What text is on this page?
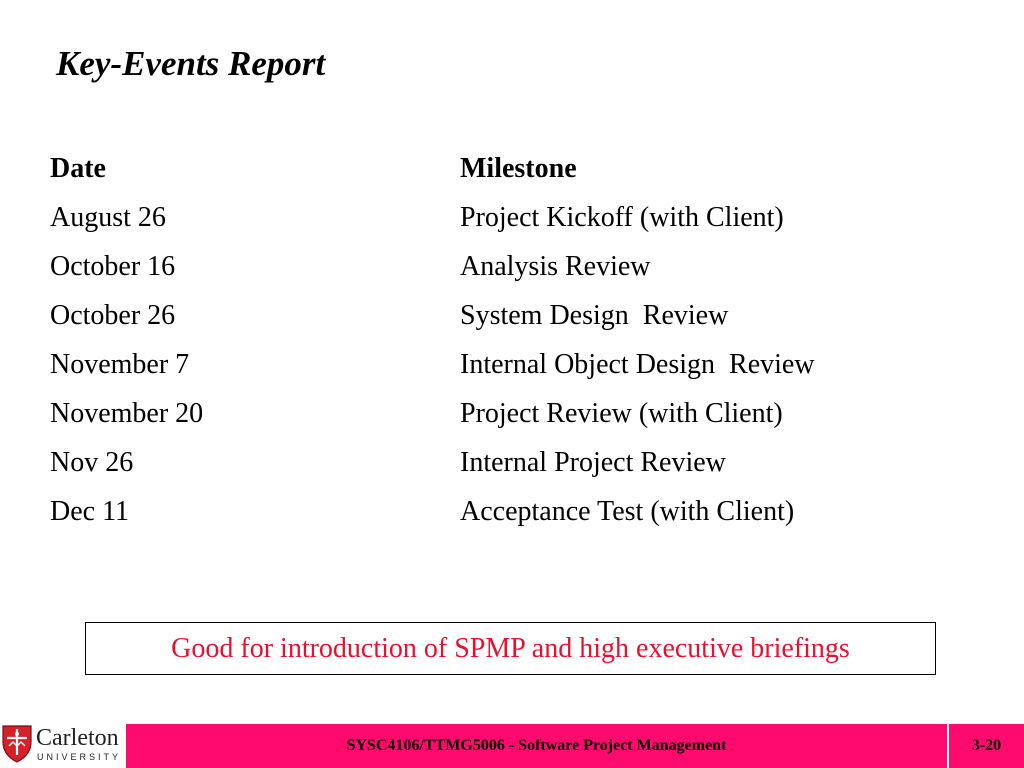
Key-Events Report
Date	Milestone
August 26	Project Kickoff (with Client)
October 16	Analysis Review
October 26	System Design  Review
November 7	Internal Object Design  Review
November 20	Project Review (with Client)
Nov 26	Internal Project Review
Dec 11	Acceptance Test (with Client)
Good for introduction of SPMP and high executive briefings
Carleton
UNIVERSITY
SYSC4106/TTMG5006 - Software Project Management	3-20
